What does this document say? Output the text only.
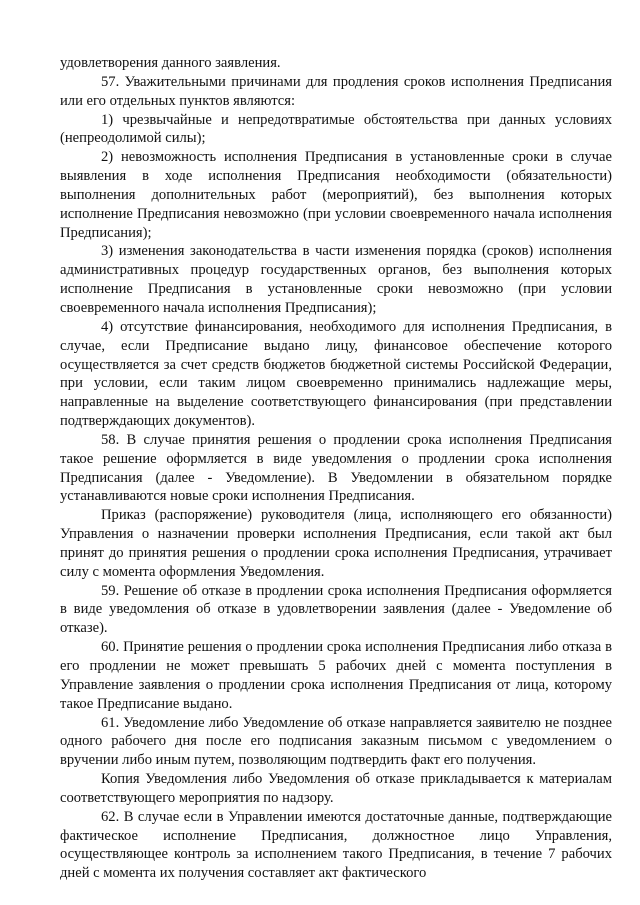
удовлетворения данного заявления.

57. Уважительными причинами для продления сроков исполнения Предписания или его отдельных пунктов являются:

1) чрезвычайные и непредотвратимые обстоятельства при данных условиях (непреодолимой силы);

2) невозможность исполнения Предписания в установленные сроки в случае выявления в ходе исполнения Предписания необходимости (обязательности) выполнения дополнительных работ (мероприятий), без выполнения которых исполнение Предписания невозможно (при условии своевременного начала исполнения Предписания);

3) изменения законодательства в части изменения порядка (сроков) исполнения административных процедур государственных органов, без выполнения которых исполнение Предписания в установленные сроки невозможно (при условии своевременного начала исполнения Предписания);

4) отсутствие финансирования, необходимого для исполнения Предписания, в случае, если Предписание выдано лицу, финансовое обеспечение которого осуществляется за счет средств бюджетов бюджетной системы Российской Федерации, при условии, если таким лицом своевременно принимались надлежащие меры, направленные на выделение соответствующего финансирования (при представлении подтверждающих документов).

58. В случае принятия решения о продлении срока исполнения Предписания такое решение оформляется в виде уведомления о продлении срока исполнения Предписания (далее - Уведомление). В Уведомлении в обязательном порядке устанавливаются новые сроки исполнения Предписания.

Приказ (распоряжение) руководителя (лица, исполняющего его обязанности) Управления о назначении проверки исполнения Предписания, если такой акт был принят до принятия решения о продлении срока исполнения Предписания, утрачивает силу с момента оформления Уведомления.

59. Решение об отказе в продлении срока исполнения Предписания оформляется в виде уведомления об отказе в удовлетворении заявления (далее - Уведомление об отказе).

60. Принятие решения о продлении срока исполнения Предписания либо отказа в его продлении не может превышать 5 рабочих дней с момента поступления в Управление заявления о продлении срока исполнения Предписания от лица, которому такое Предписание выдано.

61. Уведомление либо Уведомление об отказе направляется заявителю не позднее одного рабочего дня после его подписания заказным письмом с уведомлением о вручении либо иным путем, позволяющим подтвердить факт его получения.

Копия Уведомления либо Уведомления об отказе прикладывается к материалам соответствующего мероприятия по надзору.

62. В случае если в Управлении имеются достаточные данные, подтверждающие фактическое исполнение Предписания, должностное лицо Управления, осуществляющее контроль за исполнением такого Предписания, в течение 7 рабочих дней с момента их получения составляет акт фактического
